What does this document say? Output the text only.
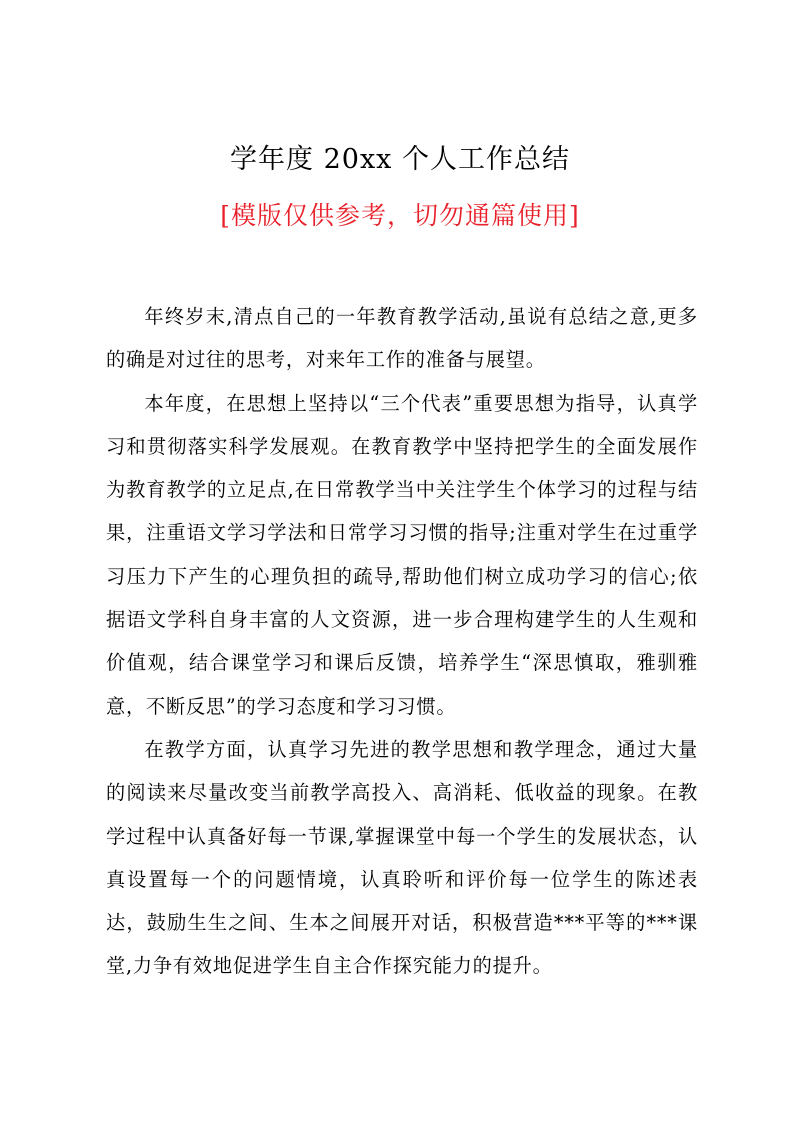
学年度 20xx 个人工作总结
[模版仅供参考，切勿通篇使用]

年终岁末,清点自己的一年教育教学活动,虽说有总结之意,更多的确是对过往的思考，对来年工作的准备与展望。

本年度，在思想上坚持以“三个代表”重要思想为指导，认真学习和贯彻落实科学发展观。在教育教学中坚持把学生的全面发展作为教育教学的立足点,在日常教学当中关注学生个体学习的过程与结果，注重语文学习学法和日常学习习惯的指导;注重对学生在过重学习压力下产生的心理负担的疏导,帮助他们树立成功学习的信心;依据语文学科自身丰富的人文资源，进一步合理构建学生的人生观和价值观，结合课堂学习和课后反馈，培养学生“深思慎取，雅驯雅意，不断反思”的学习态度和学习习惯。

在教学方面，认真学习先进的教学思想和教学理念，通过大量的阅读来尽量改变当前教学高投入、高消耗、低收益的现象。在教学过程中认真备好每一节课,掌握课堂中每一个学生的发展状态，认真设置每一个的问题情境，认真聆听和评价每一位学生的陈述表达，鼓励生生之间、生本之间展开对话，积极营造***平等的***课堂,力争有效地促进学生自主合作探究能力的提升。
